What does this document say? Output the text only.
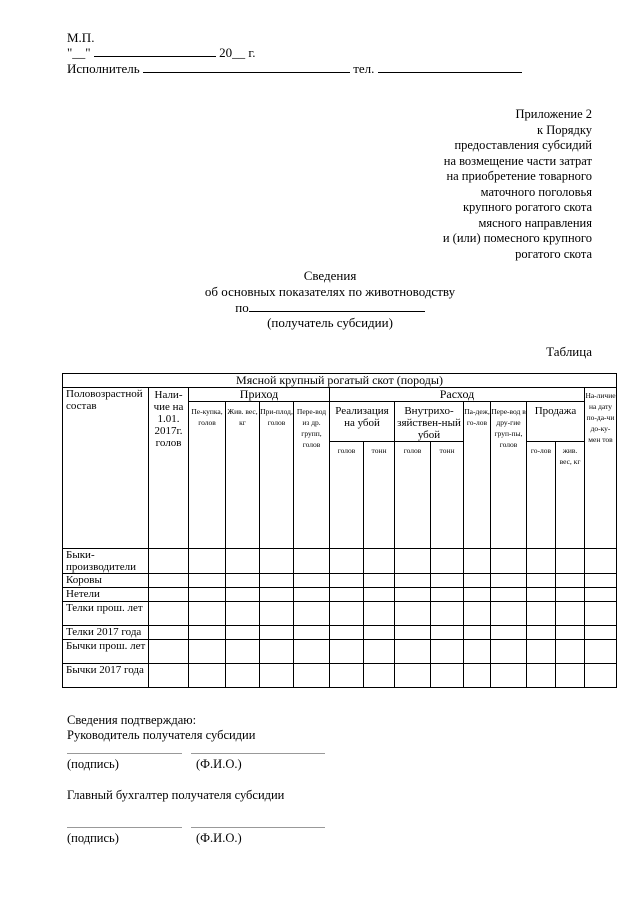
М.П.
"__"	20__ г.
Исполнитель	тел.
Приложение 2
к Порядку
предоставления субсидий
на возмещение части затрат
на приобретение товарного
маточного поголовья
крупного рогатого скота
мясного направления
и (или) помесного крупного
рогатого скота
Сведения
об основных показателях по животноводству
по
(получатель субсидии)
Таблица
Мясной крупный рогатый скот (породы)														
Половозрастной состав	Нали-чие на 1.01. 2017г. голов	Приход				Расход								На-личие на дату по-да-чи до-ку-мен тов
		Пе-купка, голов	Жив. вес, кг	При-плод, голов	Пере-вод из др. групп, голов	Реализация на убой		Внутрихо-зяйствен-ный убой		Па-деж, го-лов	Пере-вод в дру-гие груп-пы, голов	Продажа		
						голов	тонн	голов	тонн			го-лов	жив. вес, кг	
Быки-производители														
Коровы														
Нетели														
Телки прош. лет														
Телки 2017 года														
Бычки прош. лет														
Бычки 2017 года														
Сведения подтверждаю:
Руководитель получателя субсидии
(подпись)	(Ф.И.О.)
Главный бухгалтер получателя субсидии
(подпись)	(Ф.И.О.)
